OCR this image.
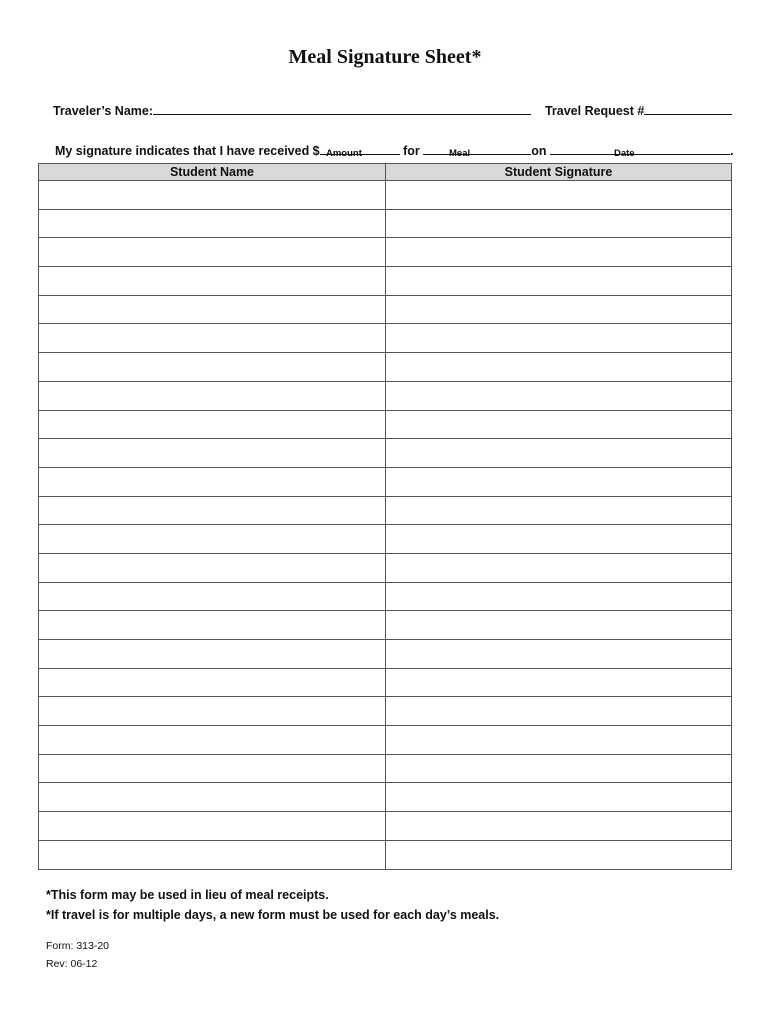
Meal Signature Sheet*

Traveler’s Name:	Travel Request #

My signature indicates that I have received $	for	on	.

Amount	Meal	Date
Student Name	Student Signature

*This form may be used in lieu of meal receipts.
*If travel is for multiple days, a new form must be used for each day’s meals.
Form: 313-20
Rev: 06-12
